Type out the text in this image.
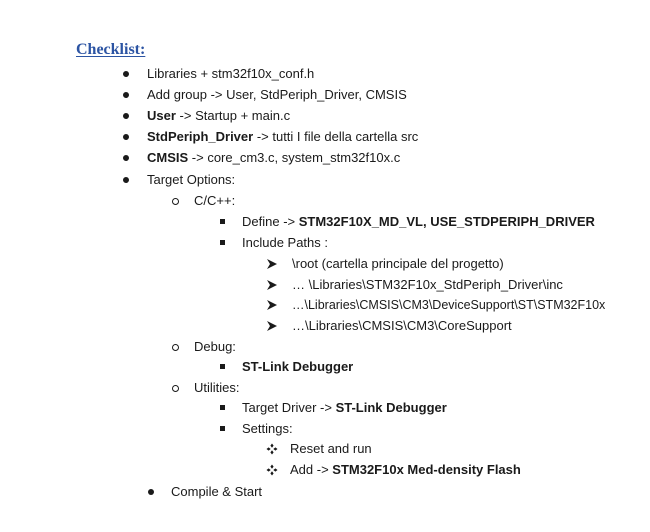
Checklist:
Libraries + stm32f10x_conf.h
Add group -> User, StdPeriph_Driver, CMSIS
User -> Startup + main.c
StdPeriph_Driver -> tutti I file della cartella src
CMSIS -> core_cm3.c, system_stm32f10x.c
Target Options:
C/C++:
Define -> STM32F10X_MD_VL, USE_STDPERIPH_DRIVER
Include Paths :
\root (cartella principale del progetto)
… \Libraries\STM32F10x_StdPeriph_Driver\inc
…\Libraries\CMSIS\CM3\DeviceSupport\ST\STM32F10x
…\Libraries\CMSIS\CM3\CoreSupport
Debug:
ST-Link Debugger
Utilities:
Target Driver -> ST-Link Debugger
Settings:
Reset and run
Add -> STM32F10x Med-density Flash
Compile & Start
